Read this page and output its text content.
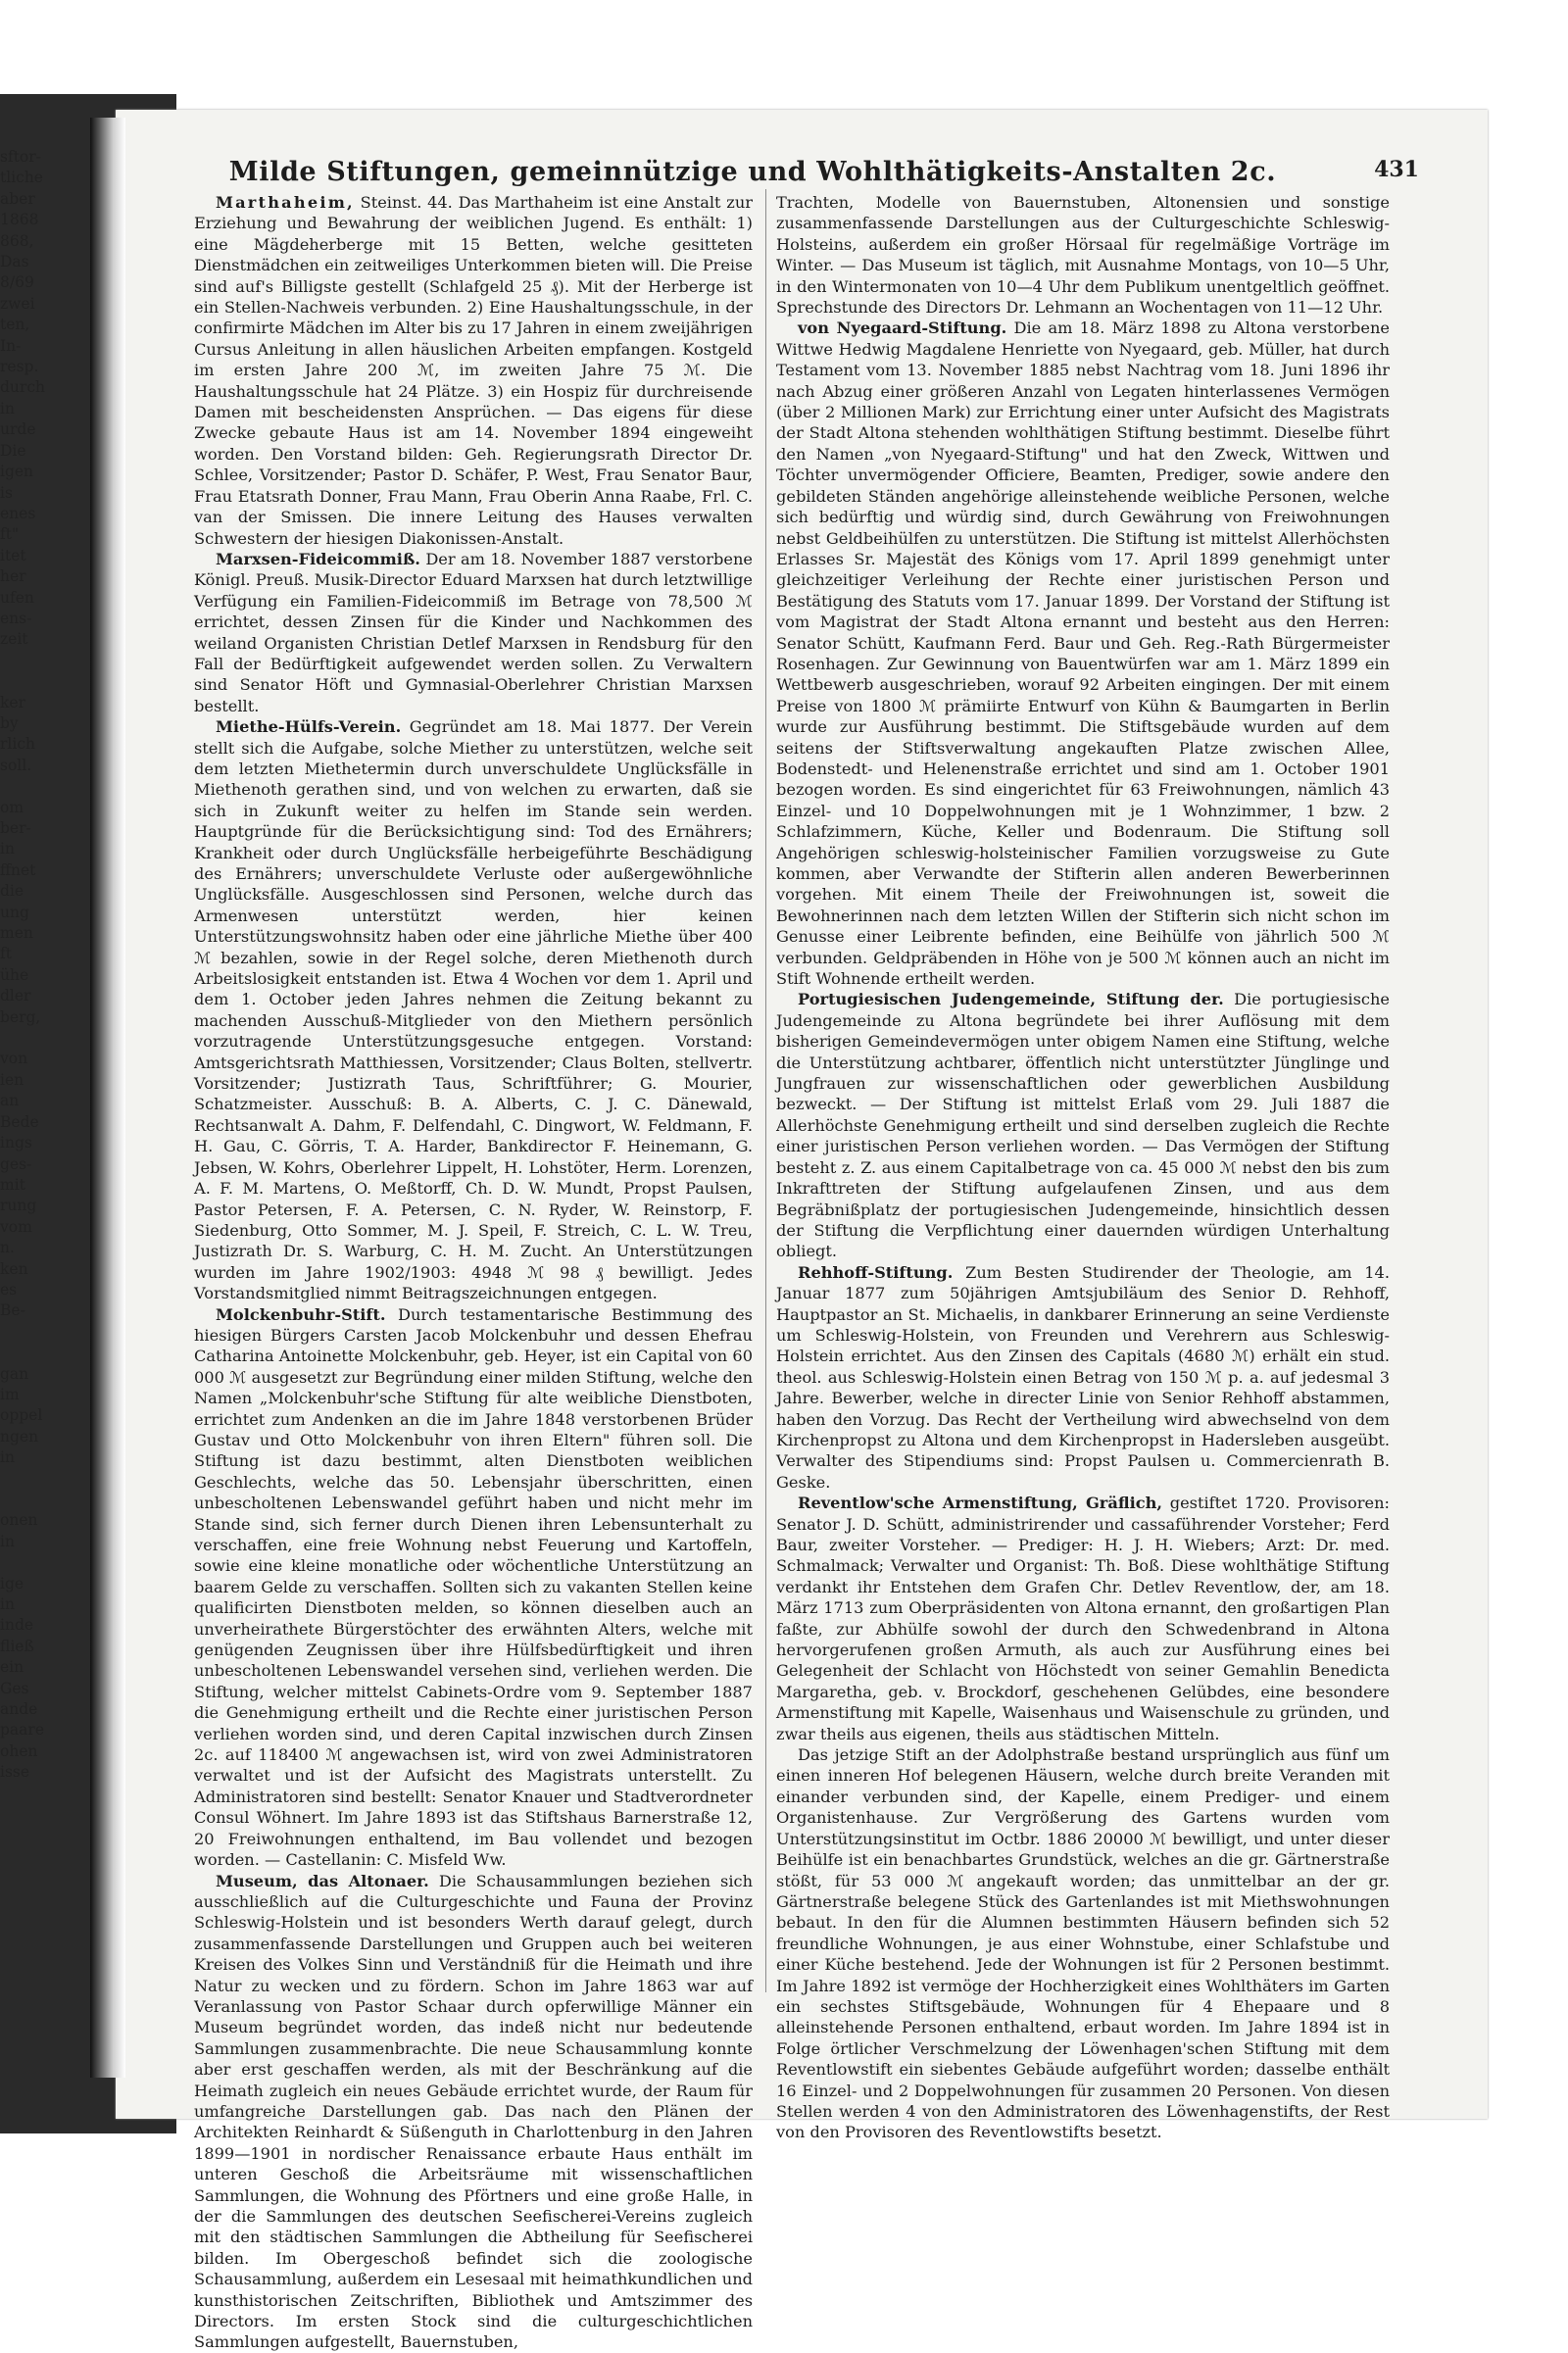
sftor-
tliche
aber
1868
868,
Das
8/69
zwei
ten,
In-
resp.
durch
in
urde
Die
igen
is
enes
ft"
itet
her
ufen
ens-
zeit

ker
by
rlich
soll.

om
ber-
in
ffnet
die
ung
men
ft
ühe
dler
berg,

von
ien
an
Bede
ings
ges-
mit
rung
vom
n.
ken
es
Be-

gan
im
oppel
ngen
in

onen
in

ige
in
inde
fließ
ein
Ges
ande
paare
ohen
isse
Milde Stiftungen, gemeinnützige und Wohlthätigkeits-Anstalten 2c.	431

Marthaheim, Steinst. 44. Das Marthaheim ist eine Anstalt zur Erziehung und Bewahrung der weiblichen Jugend. Es enthält: 1) eine Mägdeherberge mit 15 Betten, welche gesitteten Dienstmädchen ein zeitweiliges Unterkommen bieten will. Die Preise sind auf's Billigste gestellt (Schlafgeld 25 ₰). Mit der Herberge ist ein Stellen-Nachweis verbunden. 2) Eine Haushaltungsschule, in der confirmirte Mädchen im Alter bis zu 17 Jahren in einem zweijährigen Cursus Anleitung in allen häuslichen Arbeiten empfangen. Kostgeld im ersten Jahre 200 ℳ, im zweiten Jahre 75 ℳ. Die Haushaltungsschule hat 24 Plätze. 3) ein Hospiz für durchreisende Damen mit bescheidensten Ansprüchen. — Das eigens für diese Zwecke gebaute Haus ist am 14. November 1894 eingeweiht worden. Den Vorstand bilden: Geh. Regierungsrath Director Dr. Schlee, Vorsitzender; Pastor D. Schäfer, P. West, Frau Senator Baur, Frau Etatsrath Donner, Frau Mann, Frau Oberin Anna Raabe, Frl. C. van der Smissen. Die innere Leitung des Hauses verwalten Schwestern der hiesigen Diakonissen-Anstalt.

Marxsen-Fideicommiß. Der am 18. November 1887 verstorbene Königl. Preuß. Musik-Director Eduard Marxsen hat durch letztwillige Verfügung ein Familien-Fideicommiß im Betrage von 78,500 ℳ errichtet, dessen Zinsen für die Kinder und Nachkommen des weiland Organisten Christian Detlef Marxsen in Rendsburg für den Fall der Bedürftigkeit aufgewendet werden sollen. Zu Verwaltern sind Senator Höft und Gymnasial-Oberlehrer Christian Marxsen bestellt.

Miethe-Hülfs-Verein. Gegründet am 18. Mai 1877. Der Verein stellt sich die Aufgabe, solche Miether zu unterstützen, welche seit dem letzten Miethetermin durch unverschuldete Unglücksfälle in Miethenoth gerathen sind, und von welchen zu erwarten, daß sie sich in Zukunft weiter zu helfen im Stande sein werden. Hauptgründe für die Berücksichtigung sind: Tod des Ernährers; Krankheit oder durch Unglücksfälle herbeigeführte Beschädigung des Ernährers; unverschuldete Verluste oder außergewöhnliche Unglücksfälle. Ausgeschlossen sind Personen, welche durch das Armenwesen unterstützt werden, hier keinen Unterstützungswohnsitz haben oder eine jährliche Miethe über 400 ℳ bezahlen, sowie in der Regel solche, deren Miethenoth durch Arbeitslosigkeit entstanden ist. Etwa 4 Wochen vor dem 1. April und dem 1. October jeden Jahres nehmen die Zeitung bekannt zu machenden Ausschuß-Mitglieder von den Miethern persönlich vorzutragende Unterstützungsgesuche entgegen. Vorstand: Amtsgerichtsrath Matthiessen, Vorsitzender; Claus Bolten, stellvertr. Vorsitzender; Justizrath Taus, Schriftführer; G. Mourier, Schatzmeister. Ausschuß: B. A. Alberts, C. J. C. Dänewald, Rechtsanwalt A. Dahm, F. Delfendahl, C. Dingwort, W. Feldmann, F. H. Gau, C. Görris, T. A. Harder, Bankdirector F. Heinemann, G. Jebsen, W. Kohrs, Oberlehrer Lippelt, H. Lohstöter, Herm. Lorenzen, A. F. M. Martens, O. Meßtorff, Ch. D. W. Mundt, Propst Paulsen, Pastor Petersen, F. A. Petersen, C. N. Ryder, W. Reinstorp, F. Siedenburg, Otto Sommer, M. J. Speil, F. Streich, C. L. W. Treu, Justizrath Dr. S. Warburg, C. H. M. Zucht. An Unterstützungen wurden im Jahre 1902/1903: 4948 ℳ 98 ₰ bewilligt. Jedes Vorstandsmitglied nimmt Beitragszeichnungen entgegen.

Molckenbuhr-Stift. Durch testamentarische Bestimmung des hiesigen Bürgers Carsten Jacob Molckenbuhr und dessen Ehefrau Catharina Antoinette Molckenbuhr, geb. Heyer, ist ein Capital von 60 000 ℳ ausgesetzt zur Begründung einer milden Stiftung, welche den Namen „Molckenbuhr'sche Stiftung für alte weibliche Dienstboten, errichtet zum Andenken an die im Jahre 1848 verstorbenen Brüder Gustav und Otto Molckenbuhr von ihren Eltern" führen soll. Die Stiftung ist dazu bestimmt, alten Dienstboten weiblichen Geschlechts, welche das 50. Lebensjahr überschritten, einen unbescholtenen Lebenswandel geführt haben und nicht mehr im Stande sind, sich ferner durch Dienen ihren Lebensunterhalt zu verschaffen, eine freie Wohnung nebst Feuerung und Kartoffeln, sowie eine kleine monatliche oder wöchentliche Unterstützung an baarem Gelde zu verschaffen. Sollten sich zu vakanten Stellen keine qualificirten Dienstboten melden, so können dieselben auch an unverheirathete Bürgerstöchter des erwähnten Alters, welche mit genügenden Zeugnissen über ihre Hülfsbedürftigkeit und ihren unbescholtenen Lebenswandel versehen sind, verliehen werden. Die Stiftung, welcher mittelst Cabinets-Ordre vom 9. September 1887 die Genehmigung ertheilt und die Rechte einer juristischen Person verliehen worden sind, und deren Capital inzwischen durch Zinsen 2c. auf 118400 ℳ angewachsen ist, wird von zwei Administratoren verwaltet und ist der Aufsicht des Magistrats unterstellt. Zu Administratoren sind bestellt: Senator Knauer und Stadtverordneter Consul Wöhnert. Im Jahre 1893 ist das Stiftshaus Barnerstraße 12, 20 Freiwohnungen enthaltend, im Bau vollendet und bezogen worden. — Castellanin: C. Misfeld Ww.

Museum, das Altonaer. Die Schausammlungen beziehen sich ausschließlich auf die Culturgeschichte und Fauna der Provinz Schleswig-Holstein und ist besonders Werth darauf gelegt, durch zusammenfassende Darstellungen und Gruppen auch bei weiteren Kreisen des Volkes Sinn und Verständniß für die Heimath und ihre Natur zu wecken und zu fördern. Schon im Jahre 1863 war auf Veranlassung von Pastor Schaar durch opferwillige Männer ein Museum begründet worden, das indeß nicht nur bedeutende Sammlungen zusammenbrachte. Die neue Schausammlung konnte aber erst geschaffen werden, als mit der Beschränkung auf die Heimath zugleich ein neues Gebäude errichtet wurde, der Raum für umfangreiche Darstellungen gab. Das nach den Plänen der Architekten Reinhardt & Süßenguth in Charlottenburg in den Jahren 1899—1901 in nordischer Renaissance erbaute Haus enthält im unteren Geschoß die Arbeitsräume mit wissenschaftlichen Sammlungen, die Wohnung des Pförtners und eine große Halle, in der die Sammlungen des deutschen Seefischerei-Vereins zugleich mit den städtischen Sammlungen die Abtheilung für Seefischerei bilden. Im Obergeschoß befindet sich die zoologische Schausammlung, außerdem ein Lesesaal mit heimathkundlichen und kunsthistorischen Zeitschriften, Bibliothek und Amtszimmer des Directors. Im ersten Stock sind die culturgeschichtlichen Sammlungen aufgestellt, Bauernstuben,

Trachten, Modelle von Bauernstuben, Altonensien und sonstige zusammenfassende Darstellungen aus der Culturgeschichte Schleswig-Holsteins, außerdem ein großer Hörsaal für regelmäßige Vorträge im Winter. — Das Museum ist täglich, mit Ausnahme Montags, von 10—5 Uhr, in den Wintermonaten von 10—4 Uhr dem Publikum unentgeltlich geöffnet. Sprechstunde des Directors Dr. Lehmann an Wochentagen von 11—12 Uhr.

von Nyegaard-Stiftung. Die am 18. März 1898 zu Altona verstorbene Wittwe Hedwig Magdalene Henriette von Nyegaard, geb. Müller, hat durch Testament vom 13. November 1885 nebst Nachtrag vom 18. Juni 1896 ihr nach Abzug einer größeren Anzahl von Legaten hinterlassenes Vermögen (über 2 Millionen Mark) zur Errichtung einer unter Aufsicht des Magistrats der Stadt Altona stehenden wohlthätigen Stiftung bestimmt. Dieselbe führt den Namen „von Nyegaard-Stiftung" und hat den Zweck, Wittwen und Töchter unvermögender Officiere, Beamten, Prediger, sowie andere den gebildeten Ständen angehörige alleinstehende weibliche Personen, welche sich bedürftig und würdig sind, durch Gewährung von Freiwohnungen nebst Geldbeihülfen zu unterstützen. Die Stiftung ist mittelst Allerhöchsten Erlasses Sr. Majestät des Königs vom 17. April 1899 genehmigt unter gleichzeitiger Verleihung der Rechte einer juristischen Person und Bestätigung des Statuts vom 17. Januar 1899. Der Vorstand der Stiftung ist vom Magistrat der Stadt Altona ernannt und besteht aus den Herren: Senator Schütt, Kaufmann Ferd. Baur und Geh. Reg.-Rath Bürgermeister Rosenhagen. Zur Gewinnung von Bauentwürfen war am 1. März 1899 ein Wettbewerb ausgeschrieben, worauf 92 Arbeiten eingingen. Der mit einem Preise von 1800 ℳ prämiirte Entwurf von Kühn & Baumgarten in Berlin wurde zur Ausführung bestimmt. Die Stiftsgebäude wurden auf dem seitens der Stiftsverwaltung angekauften Platze zwischen Allee, Bodenstedt- und Helenenstraße errichtet und sind am 1. October 1901 bezogen worden. Es sind eingerichtet für 63 Freiwohnungen, nämlich 43 Einzel- und 10 Doppelwohnungen mit je 1 Wohnzimmer, 1 bzw. 2 Schlafzimmern, Küche, Keller und Bodenraum. Die Stiftung soll Angehörigen schleswig-holsteinischer Familien vorzugsweise zu Gute kommen, aber Verwandte der Stifterin allen anderen Bewerberinnen vorgehen. Mit einem Theile der Freiwohnungen ist, soweit die Bewohnerinnen nach dem letzten Willen der Stifterin sich nicht schon im Genusse einer Leibrente befinden, eine Beihülfe von jährlich 500 ℳ verbunden. Geldpräbenden in Höhe von je 500 ℳ können auch an nicht im Stift Wohnende ertheilt werden.

Portugiesischen Judengemeinde, Stiftung der. Die portugiesische Judengemeinde zu Altona begründete bei ihrer Auflösung mit dem bisherigen Gemeindevermögen unter obigem Namen eine Stiftung, welche die Unterstützung achtbarer, öffentlich nicht unterstützter Jünglinge und Jungfrauen zur wissenschaftlichen oder gewerblichen Ausbildung bezweckt. — Der Stiftung ist mittelst Erlaß vom 29. Juli 1887 die Allerhöchste Genehmigung ertheilt und sind derselben zugleich die Rechte einer juristischen Person verliehen worden. — Das Vermögen der Stiftung besteht z. Z. aus einem Capitalbetrage von ca. 45 000 ℳ nebst den bis zum Inkrafttreten der Stiftung aufgelaufenen Zinsen, und aus dem Begräbnißplatz der portugiesischen Judengemeinde, hinsichtlich dessen der Stiftung die Verpflichtung einer dauernden würdigen Unterhaltung obliegt.

Rehhoff-Stiftung. Zum Besten Studirender der Theologie, am 14. Januar 1877 zum 50jährigen Amtsjubiläum des Senior D. Rehhoff, Hauptpastor an St. Michaelis, in dankbarer Erinnerung an seine Verdienste um Schleswig-Holstein, von Freunden und Verehrern aus Schleswig-Holstein errichtet. Aus den Zinsen des Capitals (4680 ℳ) erhält ein stud. theol. aus Schleswig-Holstein einen Betrag von 150 ℳ p. a. auf jedesmal 3 Jahre. Bewerber, welche in directer Linie von Senior Rehhoff abstammen, haben den Vorzug. Das Recht der Vertheilung wird abwechselnd von dem Kirchenpropst zu Altona und dem Kirchenpropst in Hadersleben ausgeübt. Verwalter des Stipendiums sind: Propst Paulsen u. Commercienrath B. Geske.

Reventlow'sche Armenstiftung, Gräflich, gestiftet 1720. Provisoren: Senator J. D. Schütt, administrirender und cassaführender Vorsteher; Ferd Baur, zweiter Vorsteher. — Prediger: H. J. H. Wiebers; Arzt: Dr. med. Schmalmack; Verwalter und Organist: Th. Boß. Diese wohlthätige Stiftung verdankt ihr Entstehen dem Grafen Chr. Detlev Reventlow, der, am 18. März 1713 zum Oberpräsidenten von Altona ernannt, den großartigen Plan faßte, zur Abhülfe sowohl der durch den Schwedenbrand in Altona hervorgerufenen großen Armuth, als auch zur Ausführung eines bei Gelegenheit der Schlacht von Höchstedt von seiner Gemahlin Benedicta Margaretha, geb. v. Brockdorf, geschehenen Gelübdes, eine besondere Armenstiftung mit Kapelle, Waisenhaus und Waisenschule zu gründen, und zwar theils aus eigenen, theils aus städtischen Mitteln.

Das jetzige Stift an der Adolphstraße bestand ursprünglich aus fünf um einen inneren Hof belegenen Häusern, welche durch breite Veranden mit einander verbunden sind, der Kapelle, einem Prediger- und einem Organistenhause. Zur Vergrößerung des Gartens wurden vom Unterstützungsinstitut im Octbr. 1886 20000 ℳ bewilligt, und unter dieser Beihülfe ist ein benachbartes Grundstück, welches an die gr. Gärtnerstraße stößt, für 53 000 ℳ angekauft worden; das unmittelbar an der gr. Gärtnerstraße belegene Stück des Gartenlandes ist mit Miethswohnungen bebaut. In den für die Alumnen bestimmten Häusern befinden sich 52 freundliche Wohnungen, je aus einer Wohnstube, einer Schlafstube und einer Küche bestehend. Jede der Wohnungen ist für 2 Personen bestimmt. Im Jahre 1892 ist vermöge der Hochherzigkeit eines Wohlthäters im Garten ein sechstes Stiftsgebäude, Wohnungen für 4 Ehepaare und 8 alleinstehende Personen enthaltend, erbaut worden. Im Jahre 1894 ist in Folge örtlicher Verschmelzung der Löwenhagen'schen Stiftung mit dem Reventlowstift ein siebentes Gebäude aufgeführt worden; dasselbe enthält 16 Einzel- und 2 Doppelwohnungen für zusammen 20 Personen. Von diesen Stellen werden 4 von den Administratoren des Löwenhagenstifts, der Rest von den Provisoren des Reventlowstifts besetzt.
